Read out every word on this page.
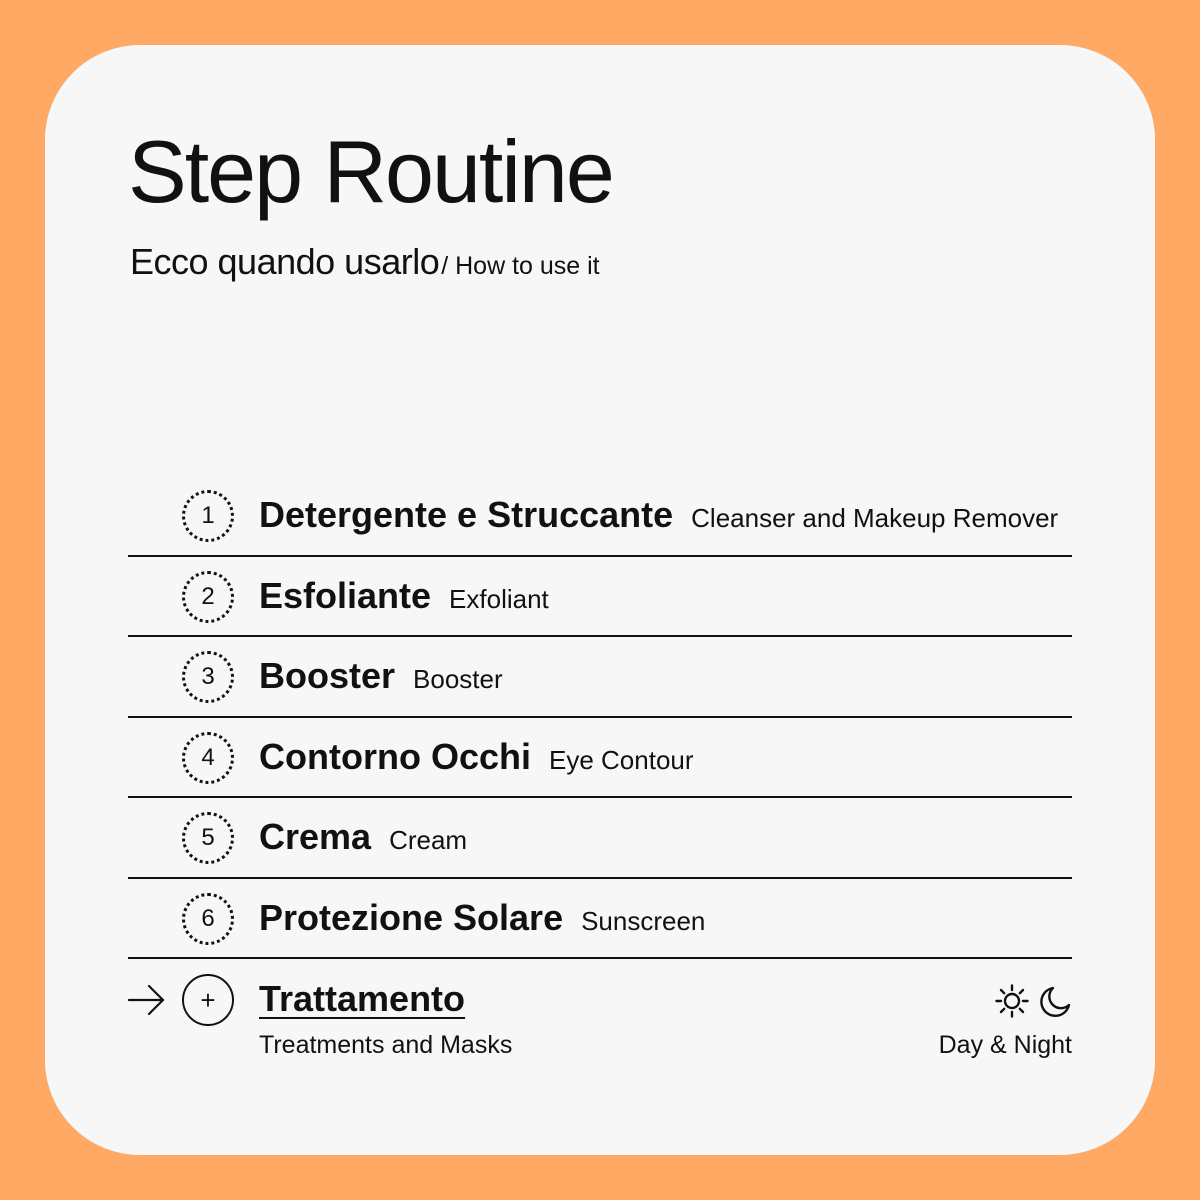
Step Routine

Ecco quando usarlo/ How to use it

1	Detergente e Struccante Cleanser and Makeup Remover
2	Esfoliante Exfoliant
3	Booster Booster
4	Contorno Occhi Eye Contour
5	Crema Cream
6	Protezione Solare Sunscreen
+	Trattamento
Treatments and Masks	Day & Night
